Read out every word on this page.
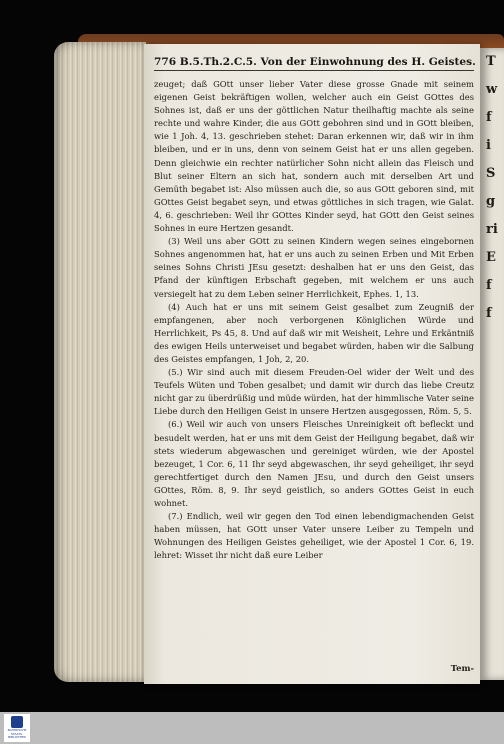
776 B.5.Th.2.C.5. Von der Einwohnung des H. Geistes.

zeuget; daß GOtt unser lieber Vater diese grosse Gnade mit seinem eigenen Geist bekräftigen wollen, welcher auch ein Geist GOttes des Sohnes ist, daß er uns der göttlichen Natur theilhaftig machte als seine rechte und wahre Kinder, die aus GOtt gebohren sind und in GOtt bleiben, wie 1 Joh. 4, 13. geschrieben stehet: Daran erkennen wir, daß wir in ihm bleiben, und er in uns, denn von seinem Geist hat er uns allen gegeben. Denn gleichwie ein rechter natürlicher Sohn nicht allein das Fleisch und Blut seiner Eltern an sich hat, sondern auch mit derselben Art und Gemüth begabet ist: Also müssen auch die, so aus GOtt geboren sind, mit GOttes Geist begabet seyn, und etwas göttliches in sich tragen, wie Galat. 4, 6. geschrieben: Weil ihr GOttes Kinder seyd, hat GOtt den Geist seines Sohnes in eure Hertzen gesandt.

(3) Weil uns aber GOtt zu seinen Kindern wegen seines eingebornen Sohnes angenommen hat, hat er uns auch zu seinen Erben und Mit Erben seines Sohns Christi JEsu gesetzt: deshalben hat er uns den Geist, das Pfand der künftigen Erbschaft gegeben, mit welchem er uns auch versiegelt hat zu dem Leben seiner Herrlichkeit, Ephes. 1, 13.

(4) Auch hat er uns mit seinem Geist gesalbet zum Zeugniß der empfangenen, aber noch verborgenen Königlichen Würde und Herrlichkeit, Ps 45, 8. Und auf daß wir mit Weisheit, Lehre und Erkäntniß des ewigen Heils unterweiset und begabet würden, haben wir die Salbung des Geistes empfangen, 1 Joh, 2, 20.

(5.) Wir sind auch mit diesem Freuden-Oel wider der Welt und des Teufels Wüten und Toben gesalbet; und damit wir durch das liebe Creutz nicht gar zu überdrüßig und müde würden, hat der himmlische Vater seine Liebe durch den Heiligen Geist in unsere Hertzen ausgegossen, Röm. 5, 5.

(6.) Weil wir auch von unsers Fleisches Unreinigkeit oft befleckt und besudelt werden, hat er uns mit dem Geist der Heiligung begabet, daß wir stets wiederum abgewaschen und gereiniget würden, wie der Apostel bezeuget, 1 Cor. 6, 11 Ihr seyd abgewaschen, ihr seyd geheiliget, ihr seyd gerechtfertiget durch den Namen JEsu, und durch den Geist unsers GOttes, Röm. 8, 9. Ihr seyd geistlich, so anders GOttes Geist in euch wohnet.

(7.) Endlich, weil wir gegen den Tod einen lebendigmachenden Geist haben müssen, hat GOtt unser Vater unsere Leiber zu Tempeln und Wohnungen des Heiligen Geistes geheiliget, wie der Apostel 1 Cor. 6, 19. lehret: Wisset ihr nicht daß eure Leiber

Tem-
T
w
f
i
S
g
ri
E
f
f
BAYERISCHE STAATS-BIBLIOTHEK
